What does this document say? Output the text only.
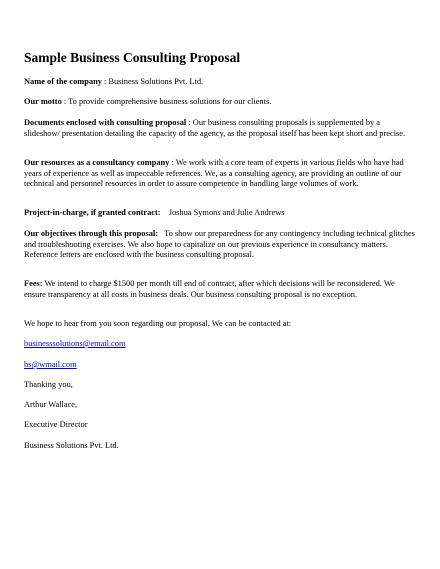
Sample Business Consulting Proposal
Name of the company : Business Solutions Pvt. Ltd.
Our motto : To provide comprehensive business solutions for our clients.
Documents enclosed with consulting proposal : Our business consulting proposals is supplemented by a slideshow/ presentation detailing the capacity of the agency, as the proposal itself has been kept short and precise.
Our resources as a consultancy company : We work with a core team of experts in various fields who have had years of experience as well as impeccable references. We, as a consulting agency, are providing an outline of our technical and personnel resources in order to assure competence in handling large volumes of work.
Project-in-charge, if granted contract: Joshua Symons and Julie Andrews
Our objectives through this proposal: To show our preparedness for any contingency including technical glitches and troubleshooting exercises. We also hope to capitalize on our previous experience in consultancy matters. Reference letters are enclosed with the business consulting proposal.
Fees: We intend to charge $1500 per month till end of contract, after which decisions will be reconsidered. We ensure transparency at all costs in business deals. Our business consulting proposal is no exception.
We hope to hear from you soon regarding our proposal. We can be contacted at:
businesssolutions@email.com
bs@wmail.com
Thanking you,
Arthur Wallace,
Executive Director
Business Solutions Pvt. Ltd.
